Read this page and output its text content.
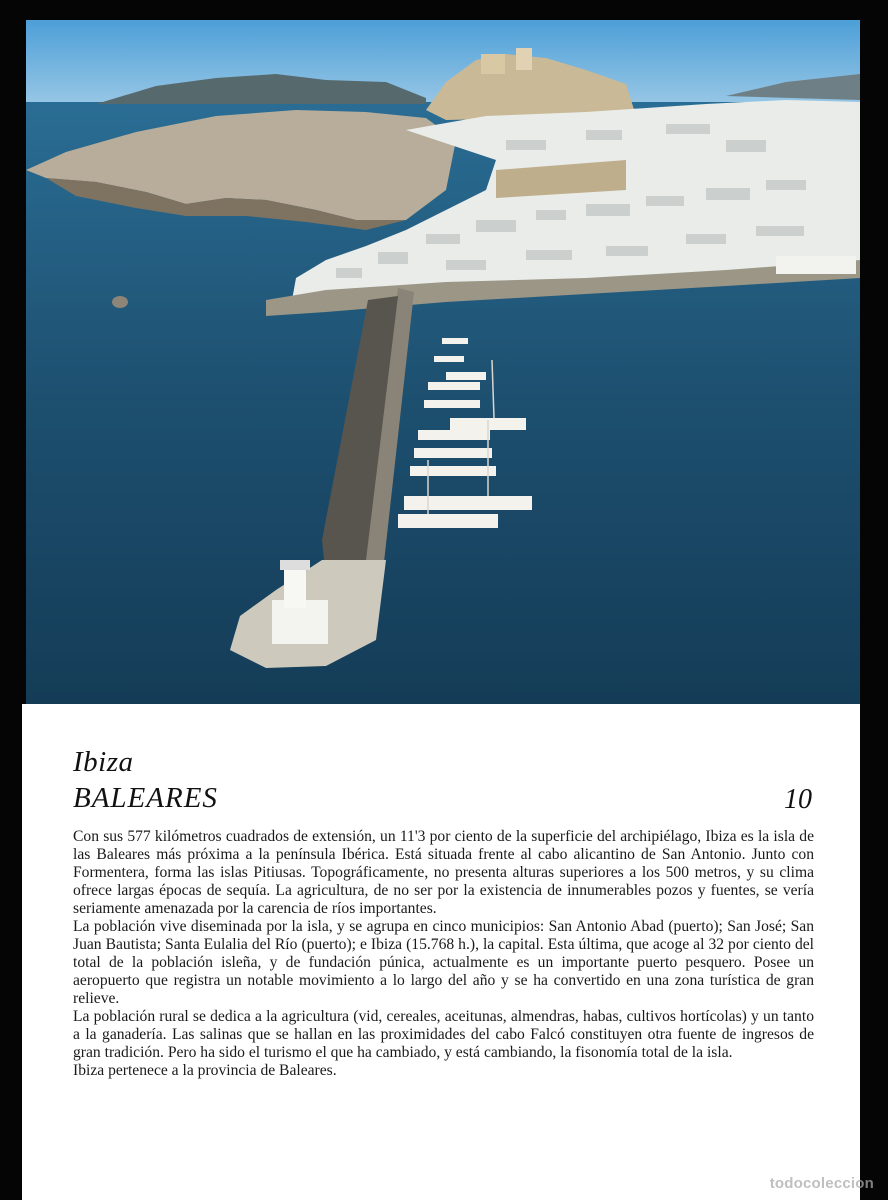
Ibiza
BALEARES	10

Con sus 577 kilómetros cuadrados de extensión, un 11'3 por ciento de la superficie del archipiélago, Ibiza es la isla de las Baleares más próxima a la península Ibérica. Está situada frente al cabo alicantino de San Antonio. Junto con Formentera, forma las islas Pitiusas. Topográficamente, no presenta alturas superiores a los 500 metros, y su clima ofrece largas épocas de sequía. La agricultura, de no ser por la existencia de innumerables pozos y fuentes, se vería seriamente amenazada por la carencia de ríos importantes.

La población vive diseminada por la isla, y se agrupa en cinco municipios: San Antonio Abad (puerto); San José; San Juan Bautista; Santa Eulalia del Río (puerto); e Ibiza (15.768 h.), la capital. Esta última, que acoge al 32 por ciento del total de la población isleña, y de fundación púnica, actualmente es un importante puerto pesquero. Posee un aeropuerto que registra un notable movimiento a lo largo del año y se ha convertido en una zona turística de gran relieve.

La población rural se dedica a la agricultura (vid, cereales, aceitunas, almendras, habas, cultivos hortícolas) y un tanto a la ganadería. Las salinas que se hallan en las proximidades del cabo Falcó constituyen otra fuente de ingresos de gran tradición. Pero ha sido el turismo el que ha cambiado, y está cambiando, la fisonomía total de la isla.

Ibiza pertenece a la provincia de Baleares.

todocoleccion
